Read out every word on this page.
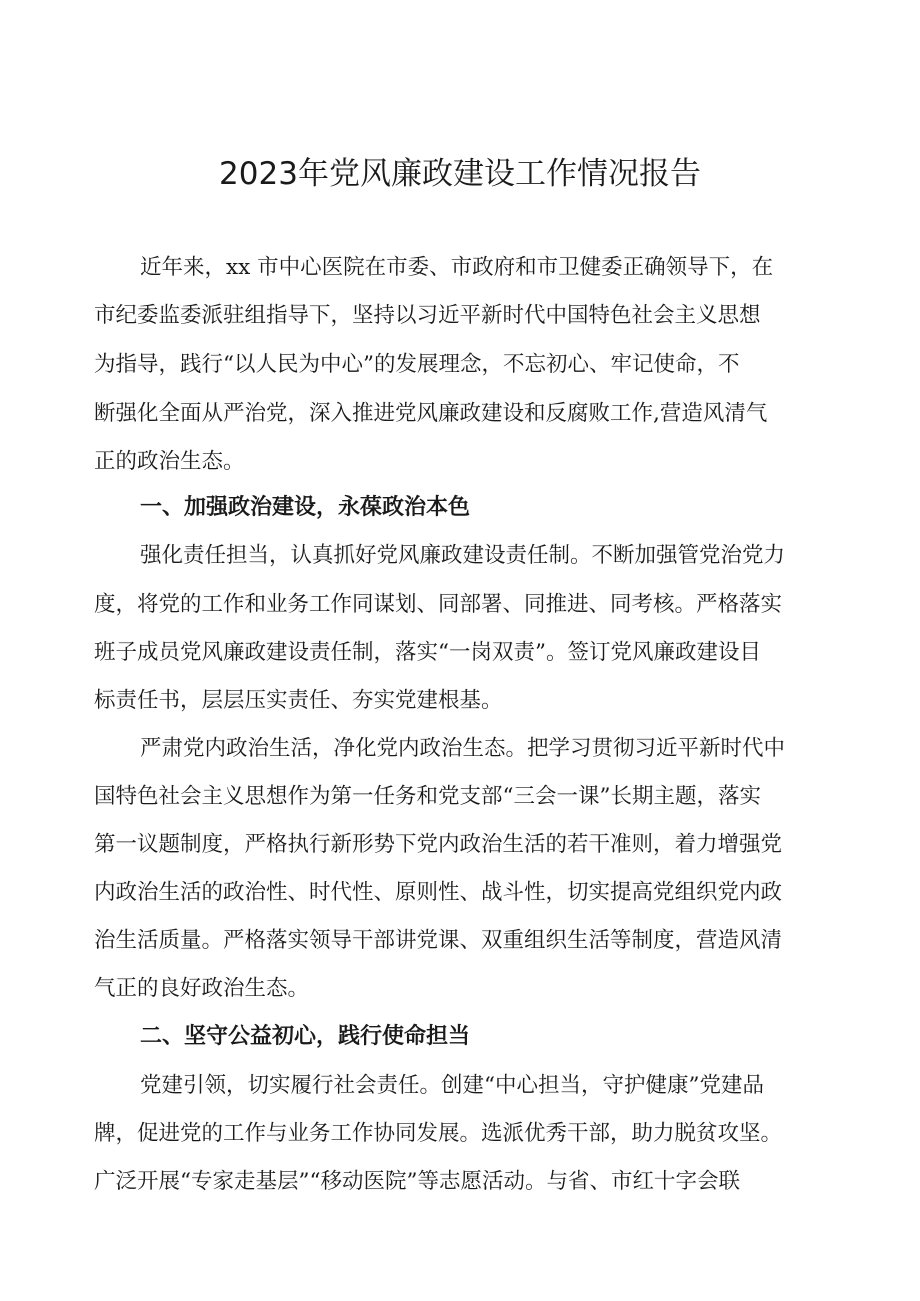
2023年党风廉政建设工作情况报告

近年来，xx 市中心医院在市委、市政府和市卫健委正确领导下，在

市纪委监委派驻组指导下，坚持以习近平新时代中国特色社会主义思想

为指导，践行“以人民为中心”的发展理念，不忘初心、牢记使命，不

断强化全面从严治党，深入推进党风廉政建设和反腐败工作,营造风清气

正的政治生态。

一、加强政治建设，永葆政治本色

强化责任担当，认真抓好党风廉政建设责任制。不断加强管党治党力

度，将党的工作和业务工作同谋划、同部署、同推进、同考核。严格落实

班子成员党风廉政建设责任制，落实“一岗双责”。签订党风廉政建设目

标责任书，层层压实责任、夯实党建根基。

严肃党内政治生活，净化党内政治生态。把学习贯彻习近平新时代中

国特色社会主义思想作为第一任务和党支部“三会一课”长期主题，落实

第一议题制度，严格执行新形势下党内政治生活的若干准则，着力增强党

内政治生活的政治性、时代性、原则性、战斗性，切实提高党组织党内政

治生活质量。严格落实领导干部讲党课、双重组织生活等制度，营造风清

气正的良好政治生态。

二、坚守公益初心，践行使命担当

党建引领，切实履行社会责任。创建“中心担当，守护健康”党建品

牌，促进党的工作与业务工作协同发展。选派优秀干部，助力脱贫攻坚。

广泛开展“专家走基层”“移动医院”等志愿活动。与省、市红十字会联
